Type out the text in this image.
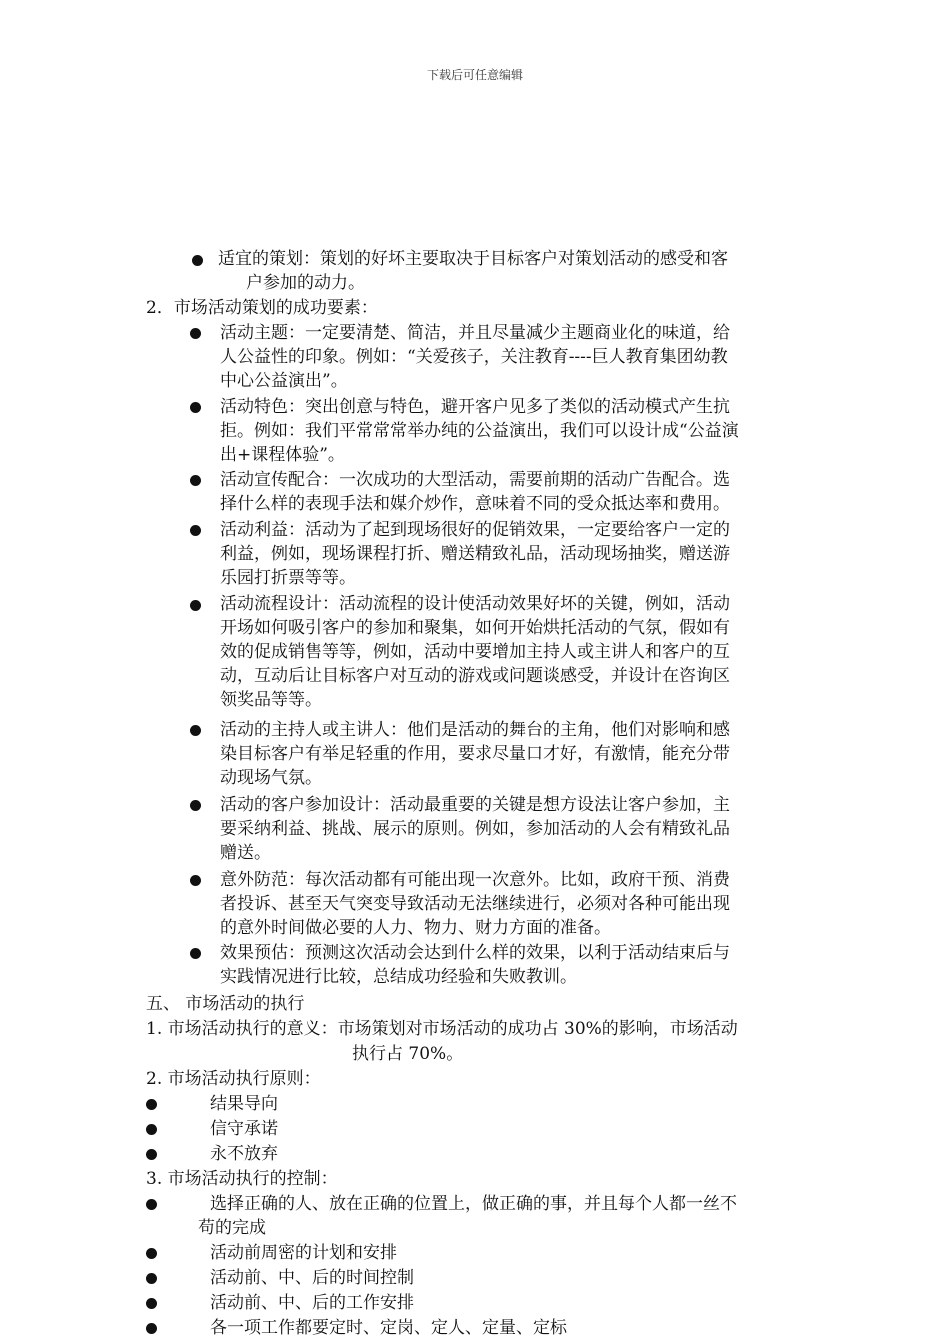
下载后可任意编辑
适宜的策划：策划的好坏主要取决于目标客户对策划活动的感受和客
户参加的动力。
2．市场活动策划的成功要素：
活动主题：一定要清楚、简洁，并且尽量减少主题商业化的味道，给
人公益性的印象。例如：“关爱孩子，关注教育----巨人教育集团幼教
中心公益演出”。
活动特色：突出创意与特色，避开客户见多了类似的活动模式产生抗
拒。例如：我们平常常常举办纯的公益演出，我们可以设计成“公益演
出+课程体验”。
活动宣传配合：一次成功的大型活动，需要前期的活动广告配合。选
择什么样的表现手法和媒介炒作，意味着不同的受众抵达率和费用。
活动利益：活动为了起到现场很好的促销效果，一定要给客户一定的
利益，例如，现场课程打折、赠送精致礼品，活动现场抽奖，赠送游
乐园打折票等等。
活动流程设计：活动流程的设计使活动效果好坏的关键，例如，活动
开场如何吸引客户的参加和聚集，如何开始烘托活动的气氛，假如有
效的促成销售等等，例如，活动中要增加主持人或主讲人和客户的互
动，互动后让目标客户对互动的游戏或问题谈感受，并设计在咨询区
领奖品等等。
活动的主持人或主讲人：他们是活动的舞台的主角，他们对影响和感
染目标客户有举足轻重的作用，要求尽量口才好，有激情，能充分带
动现场气氛。
活动的客户参加设计：活动最重要的关键是想方设法让客户参加，主
要采纳利益、挑战、展示的原则。例如，参加活动的人会有精致礼品
赠送。
意外防范：每次活动都有可能出现一次意外。比如，政府干预、消费
者投诉、甚至天气突变导致活动无法继续进行，必须对各种可能出现
的意外时间做必要的人力、物力、财力方面的准备。
效果预估：预测这次活动会达到什么样的效果，以利于活动结束后与
实践情况进行比较，总结成功经验和失败教训。
五、 市场活动的执行
1. 市场活动执行的意义：市场策划对市场活动的成功占 30%的影响，市场活动
执行占 70%。
2. 市场活动执行原则：
结果导向
信守承诺
永不放弃
3. 市场活动执行的控制：
选择正确的人、放在正确的位置上，做正确的事，并且每个人都一丝不
苟的完成
活动前周密的计划和安排
活动前、中、后的时间控制
活动前、中、后的工作安排
各一项工作都要定时、定岗、定人、定量、定标
